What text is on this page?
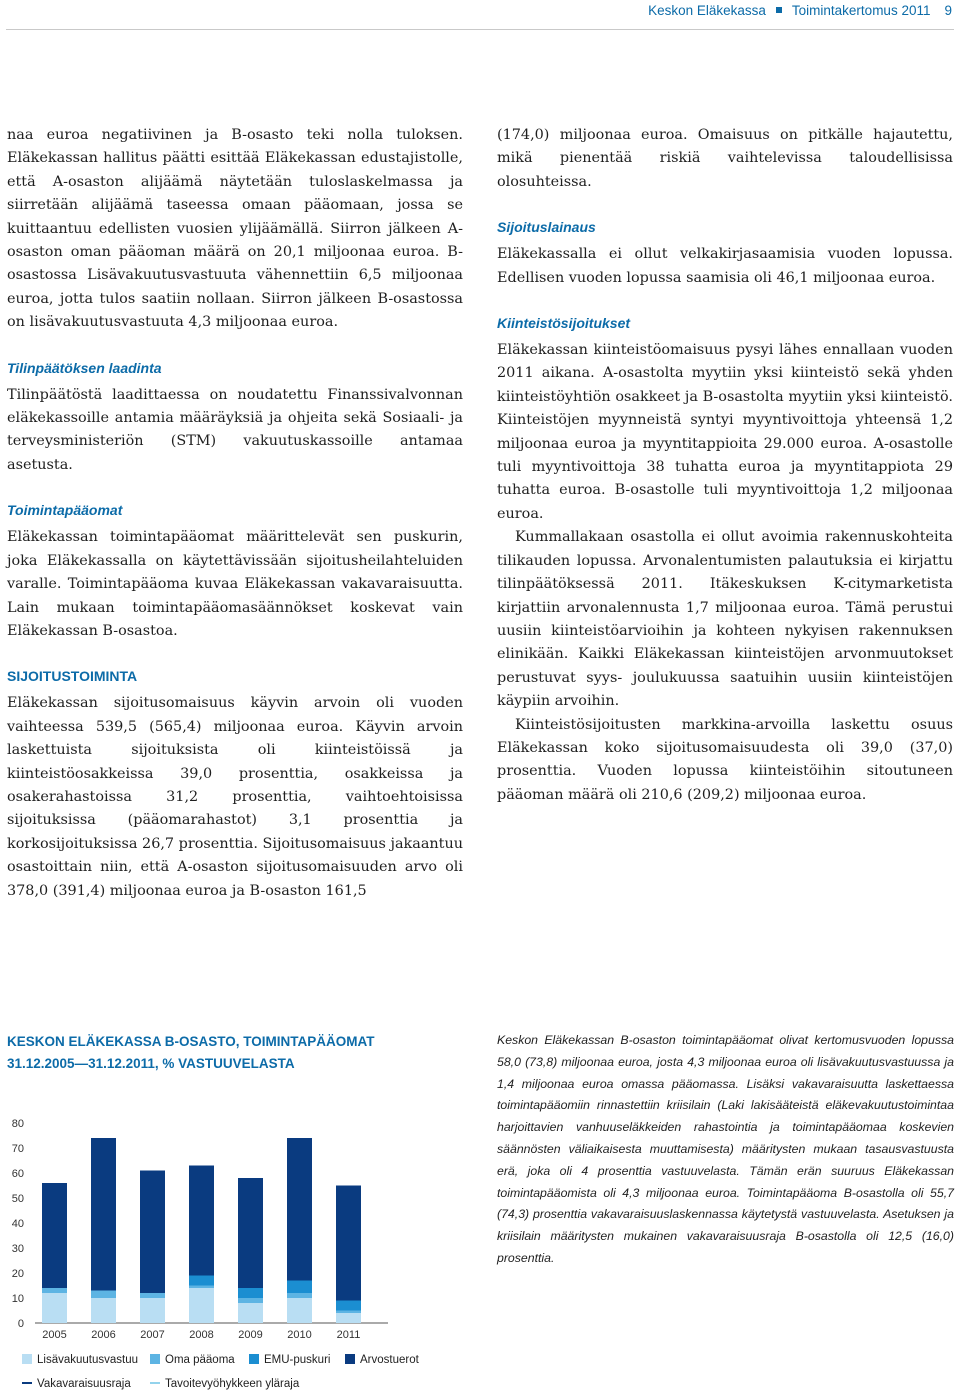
Keskon Eläkekassa Toimintakertomus 2011 9

naa euroa negatiivinen ja B-osasto teki nolla tuloksen. Eläkekassan hallitus päätti esittää Eläkekassan edustajistolle, että A-osaston alijäämä näytetään tuloslaskelmassa ja siirretään alijäämä taseessa omaan pääomaan, jossa se kuittaantuu edellisten vuosien ylijäämällä. Siirron jälkeen A-osaston oman pääoman määrä on 20,1 miljoonaa euroa. B-osastossa Lisävakuutusvastuuta vähennettiin 6,5 miljoonaa euroa, jotta tulos saatiin nollaan. Siirron jälkeen B-osastossa on lisävakuutusvastuuta 4,3 miljoonaa euroa.

Tilinpäätöksen laadinta

Tilinpäätöstä laadittaessa on noudatettu Finanssivalvonnan eläkekassoille antamia määräyksiä ja ohjeita sekä Sosiaali- ja terveysministeriön (STM) vakuutuskassoille antamaa asetusta.

Toimintapääomat

Eläkekassan toimintapääomat määrittelevät sen puskurin, joka Eläkekassalla on käytettävissään sijoitusheilahteluiden varalle. Toimintapääoma kuvaa Eläkekassan vakavaraisuutta. Lain mukaan toimintapääomasäännökset koskevat vain Eläkekassan B-osastoa.

SIJOITUSTOIMINTA

Eläkekassan sijoitusomaisuus käyvin arvoin oli vuoden vaihteessa 539,5 (565,4) miljoonaa euroa. Käyvin arvoin laskettuista sijoituksista oli kiinteistöissä ja kiinteistöosakkeissa 39,0 prosenttia, osakkeissa ja osakerahastoissa 31,2 prosenttia, vaihtoehtoisissa sijoituksissa (pääomarahastot) 3,1 prosenttia ja korkosijoituksissa 26,7 prosenttia. Sijoitusomaisuus jakaantuu osastoittain niin, että A-osaston sijoitusomaisuuden arvo oli 378,0 (391,4) miljoonaa euroa ja B-osaston 161,5

(174,0) miljoonaa euroa. Omaisuus on pitkälle hajautettu, mikä pienentää riskiä vaihtelevissa taloudellisissa olosuhteissa.

Sijoituslainaus

Eläkekassalla ei ollut velkakirjasaamisia vuoden lopussa. Edellisen vuoden lopussa saamisia oli 46,1 miljoonaa euroa.

Kiinteistösijoitukset

Eläkekassan kiinteistöomaisuus pysyi lähes ennallaan vuoden 2011 aikana. A-osastolta myytiin yksi kiinteistö sekä yhden kiinteistöyhtiön osakkeet ja B-osastolta myytiin yksi kiinteistö. Kiinteistöjen myynneistä syntyi myyntivoittoja yhteensä 1,2 miljoonaa euroa ja myyntitappioita 29.000 euroa. A-osastolle tuli myyntivoittoja 38 tuhatta euroa ja myyntitappiota 29 tuhatta euroa. B-osastolle tuli myyntivoittoja 1,2 miljoonaa euroa.

Kummallakaan osastolla ei ollut avoimia rakennuskohteita tilikauden lopussa. Arvonalentumisten palautuksia ei kirjattu tilinpäätöksessä 2011. Itäkeskuksen K-citymarketista kirjattiin arvonalennusta 1,7 miljoonaa euroa. Tämä perustui uusiin kiinteistöarvioihin ja kohteen nykyisen rakennuksen elinikään. Kaikki Eläkekassan kiinteistöjen arvonmuutokset perustuvat syys- joulukuussa saatuihin uusiin kiinteistöjen käypiin arvoihin.

Kiinteistösijoitusten markkina-arvoilla laskettu osuus Eläkekassan koko sijoitusomaisuudesta oli 39,0 (37,0) prosenttia. Vuoden lopussa kiinteistöihin sitoutuneen pääoman määrä oli 210,6 (209,2) miljoonaa euroa.

KESKON ELÄKEKASSA B-OSASTO, TOIMINTAPÄÄOMAT
31.12.2005—31.12.2011, % VASTUUVELASTA
0
10
20
30
40
50
60
70
80
2005 2006 2007 2008 2009 2010 2011
Lisävakuutusvastuu	Oma pääoma	EMU-puskuri	Arvostuerot
Vakavaraisuusraja	Tavoitevyöhykkeen yläraja
Keskon Eläkekassan B-osaston toimintapääomat olivat kertomusvuoden lopussa 58,0 (73,8) miljoonaa euroa, josta 4,3 miljoonaa euroa oli lisävakuutusvastuussa ja 1,4 miljoonaa euroa omassa pääomassa. Lisäksi vakavaraisuutta laskettaessa toimintapääomiin rinnastettiin kriisilain (Laki lakisääteistä eläkevakuutustoimintaa harjoittavien vanhuuseläkkeiden rahastointia ja toimintapääomaa koskevien säännösten väliaikaisesta muuttamisesta) määritysten mukaan tasausvastuusta erä, joka oli 4 prosenttia vastuuvelasta. Tämän erän suuruus Eläkekassan toimintapääomista oli 4,3 miljoonaa euroa. Toimintapääoma B-osastolla oli 55,7 (74,3) prosenttia vakavaraisuuslaskennassa käytetystä vastuuvelasta. Asetuksen ja kriisilain määritysten mukainen vakavaraisuusraja B-osastolla oli 12,5 (16,0) prosenttia.
